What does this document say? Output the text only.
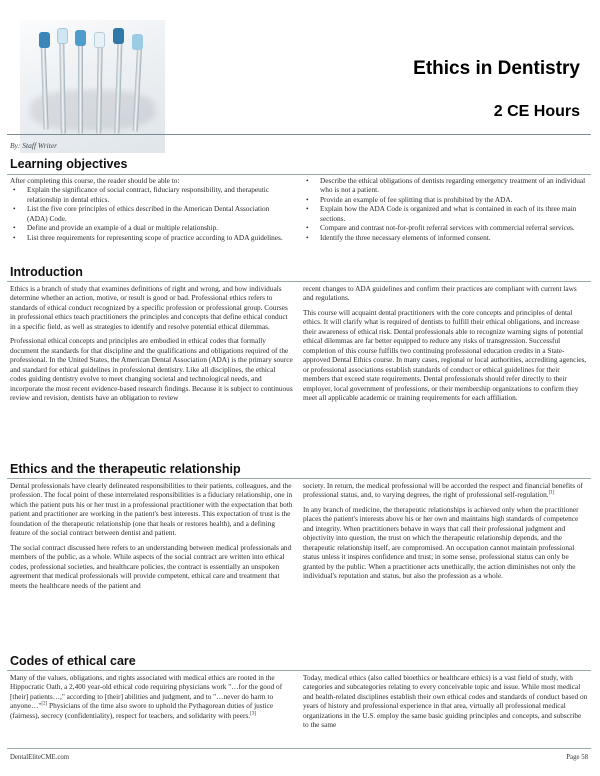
Ethics in Dentistry
2 CE Hours
By: Staff Writer
Learning objectives
After completing this course, the reader should be able to:
• Explain the significance of social contract, fiduciary responsibility, and therapeutic relationship in dental ethics.
• List the five core principles of ethics described in the American Dental Association (ADA) Code.
• Define and provide an example of a dual or multiple relationship.
• List three requirements for representing scope of practice according to ADA guidelines.
• Describe the ethical obligations of dentists regarding emergency treatment of an individual who is not a patient.
• Provide an example of fee splitting that is prohibited by the ADA.
• Explain how the ADA Code is organized and what is contained in each of its three main sections.
• Compare and contrast not-for-profit referral services with commercial referral services.
• Identify the three necessary elements of informed consent.
Introduction

Ethics is a branch of study that examines definitions of right and wrong, and how individuals determine whether an action, motive, or result is good or bad. Professional ethics refers to standards of ethical conduct recognized by a specific profession or professional group. Courses in professional ethics teach practitioners the principles and concepts that define ethical conduct in a specific field, as well as strategies to identify and resolve potential ethical dilemmas.

Professional ethical concepts and principles are embodied in ethical codes that formally document the standards for that discipline and the qualifications and obligations required of the professional. In the United States, the American Dental Association (ADA) is the primary source and standard for ethical guidelines in professional dentistry. Like all disciplines, the ethical codes guiding dentistry evolve to meet changing societal and technological needs, and incorporate the most recent evidence-based research findings. Because it is subject to continuous review and revision, dentists have an obligation to review

recent changes to ADA guidelines and confirm their practices are compliant with current laws and regulations.

This course will acquaint dental practitioners with the core concepts and principles of dental ethics. It will clarify what is required of dentists to fulfill their ethical obligations, and increase their awareness of ethical risk. Dental professionals able to recognize warning signs of potential ethical dilemmas are far better equipped to reduce any risks of transgression. Successful completion of this course fulfills two continuing professional education credits in a State-approved Dental Ethics course. In many cases, regional or local authorities, accrediting agencies, or professional associations establish standards of conduct or ethical guidelines for their members that exceed state requirements. Dental professionals should refer directly to their employer, local government of professions, or their membership organizations to confirm they meet all applicable academic or training requirements for each affiliation.

Ethics and the therapeutic relationship

Dental professionals have clearly delineated responsibilities to their patients, colleagues, and the profession. The focal point of these interrelated responsibilities is a fiduciary relationship, one in which the patient puts his or her trust in a professional practitioner with the expectation that both patient and practitioner are working in the patient's best interests. This expectation of trust is the foundation of the therapeutic relationship (one that heals or restores health), and a defining feature of the social contract between dentist and patient.

The social contract discussed here refers to an understanding between medical professionals and members of the public, as a whole. While aspects of the social contract are written into ethical codes, professional societies, and healthcare policies, the contract is essentially an unspoken agreement that medical professionals will provide competent, ethical care and treatment that meets the healthcare needs of the patient and

society. In return, the medical professional will be accorded the respect and financial benefits of professional status, and, to varying degrees, the right of professional self-regulation.[1]

In any branch of medicine, the therapeutic relationships is achieved only when the practitioner places the patient's interests above his or her own and maintains high standards of competence and integrity. When practitioners behave in ways that call their professional judgment and objectivity into question, the trust on which the therapeutic relationship depends, and the therapeutic relationship itself, are compromised. An occupation cannot maintain professional status unless it inspires confidence and trust; in some sense, professional status can only be granted by the public. When a practitioner acts unethically, the action diminishes not only the individual's reputation and status, but also the profession as a whole.

Codes of ethical care

Many of the values, obligations, and rights associated with medical ethics are rooted in the Hippocratic Oath, a 2,400 year-old ethical code requiring physicians work "…for the good of [their] patients…," according to [their] abilities and judgment, and to "…never do harm to anyone…"[2] Physicians of the time also swore to uphold the Pythagorean duties of justice (fairness), secrecy (confidentiality), respect for teachers, and solidarity with peers.[3]

Today, medical ethics (also called bioethics or healthcare ethics) is a vast field of study, with categories and subcategories relating to every conceivable topic and issue. While most medical and health-related disciplines establish their own ethical codes and standards of conduct based on years of history and professional experience in that area, virtually all professional medical organizations in the U.S. employ the same basic guiding principles and concepts, and subscribe to the same

DentalEliteCME.com	Page 58
